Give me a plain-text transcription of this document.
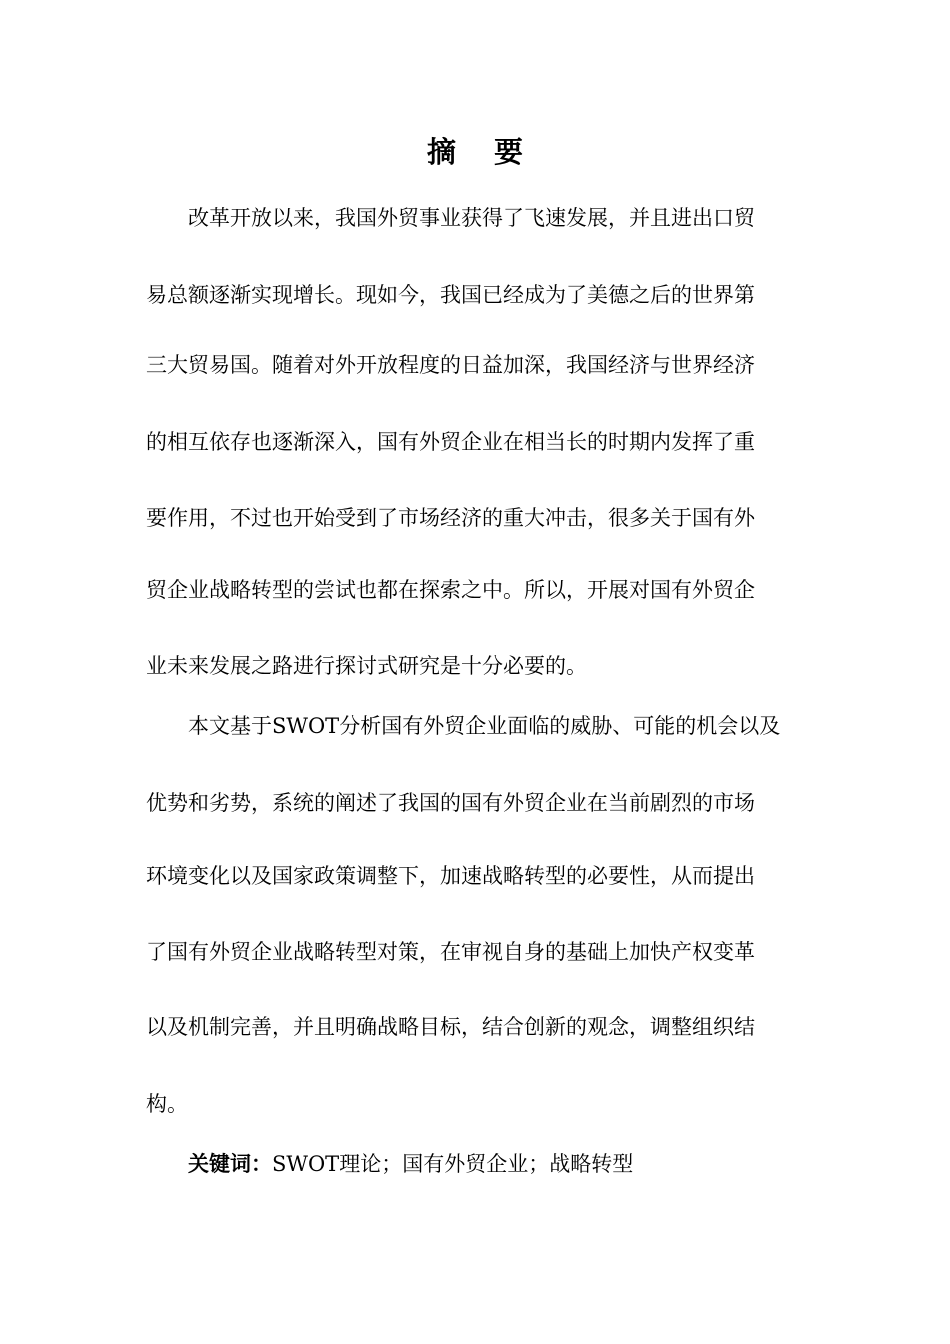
摘 要
改革开放以来，我国外贸事业获得了飞速发展，并且进出口贸
易总额逐渐实现增长。现如今，我国已经成为了美德之后的世界第
三大贸易国。随着对外开放程度的日益加深，我国经济与世界经济
的相互依存也逐渐深入，国有外贸企业在相当长的时期内发挥了重
要作用，不过也开始受到了市场经济的重大冲击，很多关于国有外
贸企业战略转型的尝试也都在探索之中。所以，开展对国有外贸企
业未来发展之路进行探讨式研究是十分必要的。
本文基于SWOT分析国有外贸企业面临的威胁、可能的机会以及
优势和劣势，系统的阐述了我国的国有外贸企业在当前剧烈的市场
环境变化以及国家政策调整下，加速战略转型的必要性，从而提出
了国有外贸企业战略转型对策，在审视自身的基础上加快产权变革
以及机制完善，并且明确战略目标，结合创新的观念，调整组织结
构。
关键词：SWOT理论；国有外贸企业；战略转型
